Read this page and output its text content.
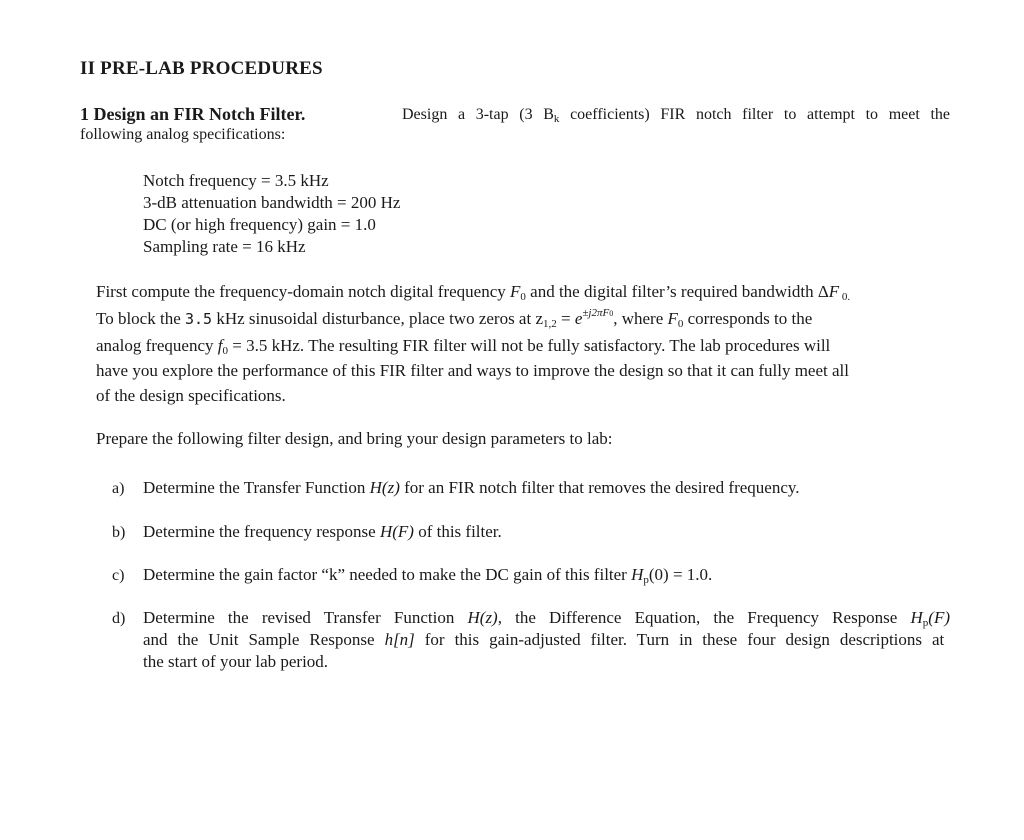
II PRE-LAB PROCEDURES
1 Design an FIR Notch Filter.	Design a 3-tap (3 $B_k$ coefficients) FIR notch filter to attempt to meet the
following analog specifications:
Notch frequency = 3.5 kHz
3-dB attenuation bandwidth = 200 Hz
DC (or high frequency) gain = 1.0
Sampling rate = 16 kHz
First compute the frequency-domain notch digital frequency $F_0$ and the digital filter’s required bandwidth ΔF $_{0.}$
To block the 3.5 kHz sinusoidal disturbance, place two zeros at $z_{1,2} = e^{\pm j2\pi F0}$, where $F_0$ corresponds to the
analog frequency $f_0 = 3.5$ kHz. The resulting FIR filter will not be fully satisfactory. The lab procedures will
have you explore the performance of this FIR filter and ways to improve the design so that it can fully meet all
of the design specifications.
Prepare the following filter design, and bring your design parameters to lab:
a) Determine the Transfer Function H(z) for an FIR notch filter that removes the desired frequency.
b) Determine the frequency response H(F) of this filter.
c) Determine the gain factor “k” needed to make the DC gain of this filter $H_p(0) = 1.0$.
d) Determine the revised Transfer Function H(z), the Difference Equation, the Frequency Response $H_p(F)$
and the Unit Sample Response h[n] for this gain-adjusted filter. Turn in these four design descriptions at
the start of your lab period.
